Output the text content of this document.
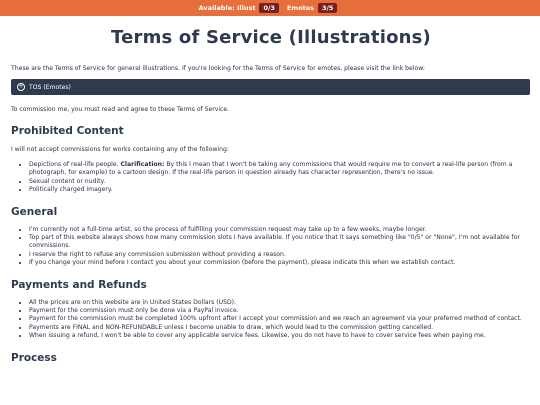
Available: Illust	0/3	Emotes	3/5
Terms of Service (Illustrations)

These are the Terms of Service for general illustrations. If you're looking for the Terms of Service for emotes, please visit the link below:

+ TOS (Emotes)

To commission me, you must read and agree to these Terms of Service.

Prohibited Content

I will not accept commissions for works containing any of the following:

• Depictions of real-life people. Clarification: By this I mean that I won't be taking any commissions that would require me to convert a real-life person (from a photograph, for example) to a cartoon design. If the real-life person in question already has character represention, there's no issue.
• Sexual content or nudity.
• Politically charged imagery.
General
• I'm currently not a full-time artist, so the process of fulfilling your commission request may take up to a few weeks, maybe longer.
• Top part of this website always shows how many commission slots I have available. If you notice that it says something like "0/5" or "None", I'm not available for commissions.
• I reserve the right to refuse any commission submission without providing a reason.
• If you change your mind before I contact you about your commission (before the payment), please indicate this when we establish contact.
Payments and Refunds
• All the prices are on this website are in United States Dollars (USD).
• Payment for the commission must only be done via a PayPal invoice.
• Payment for the commission must be completed 100% upfront after I accept your commission and we reach an agreement via your preferred method of contact.
• Payments are FINAL and NON-REFUNDABLE unless I become unable to draw, which would lead to the commission getting cancelled.
• When issuing a refund, I won't be able to cover any applicable service fees. Likewise, you do not have to have to cover service fees when paying me.
Process
